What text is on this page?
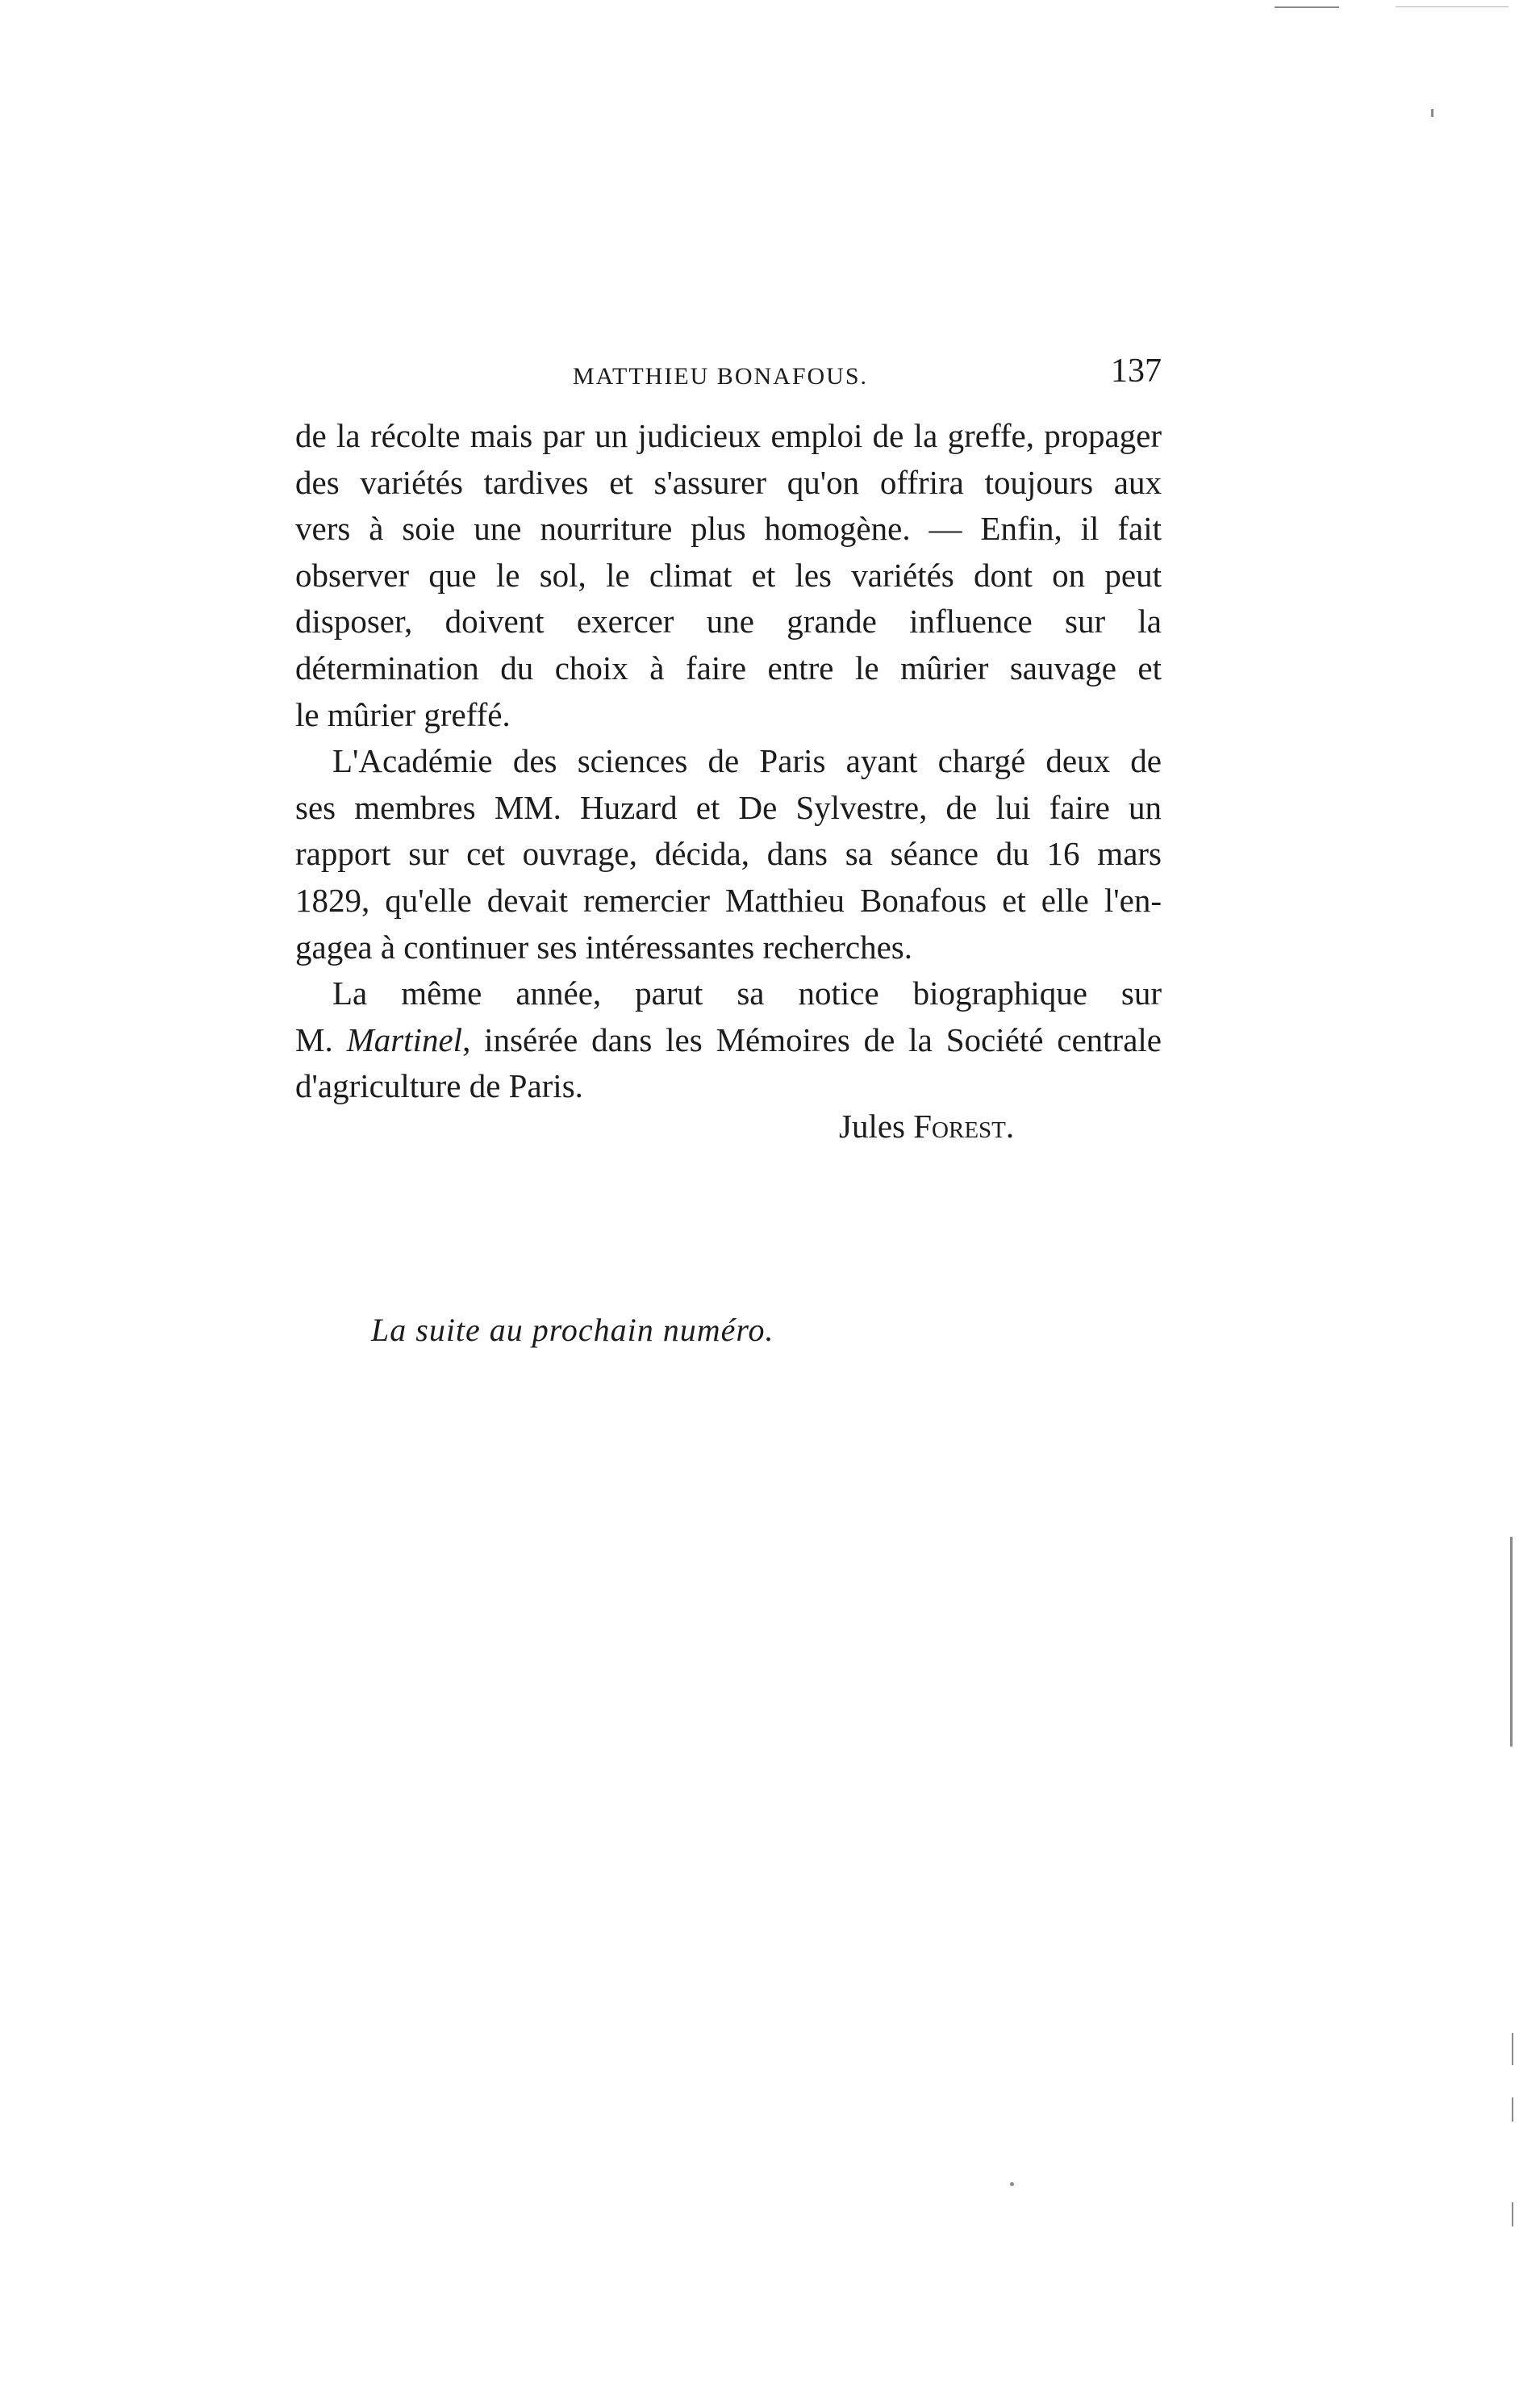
MATTHIEU BONAFOUS.	137
de la récolte mais par un judicieux emploi de la greffe, propager
des variétés tardives et s'assurer qu'on offrira toujours aux
vers à soie une nourriture plus homogène. — Enfin, il fait
observer que le sol, le climat et les variétés dont on peut
disposer, doivent exercer une grande influence sur la
détermination du choix à faire entre le mûrier sauvage et
le mûrier greffé.
L'Académie des sciences de Paris ayant chargé deux de
ses membres MM. Huzard et De Sylvestre, de lui faire un
rapport sur cet ouvrage, décida, dans sa séance du 16 mars
1829, qu'elle devait remercier Matthieu Bonafous et elle l'en-
gagea à continuer ses intéressantes recherches.
La même année, parut sa notice biographique sur
M. Martinel, insérée dans les Mémoires de la Société centrale
d'agriculture de Paris.
Jules Forest.
La suite au prochain numéro.
